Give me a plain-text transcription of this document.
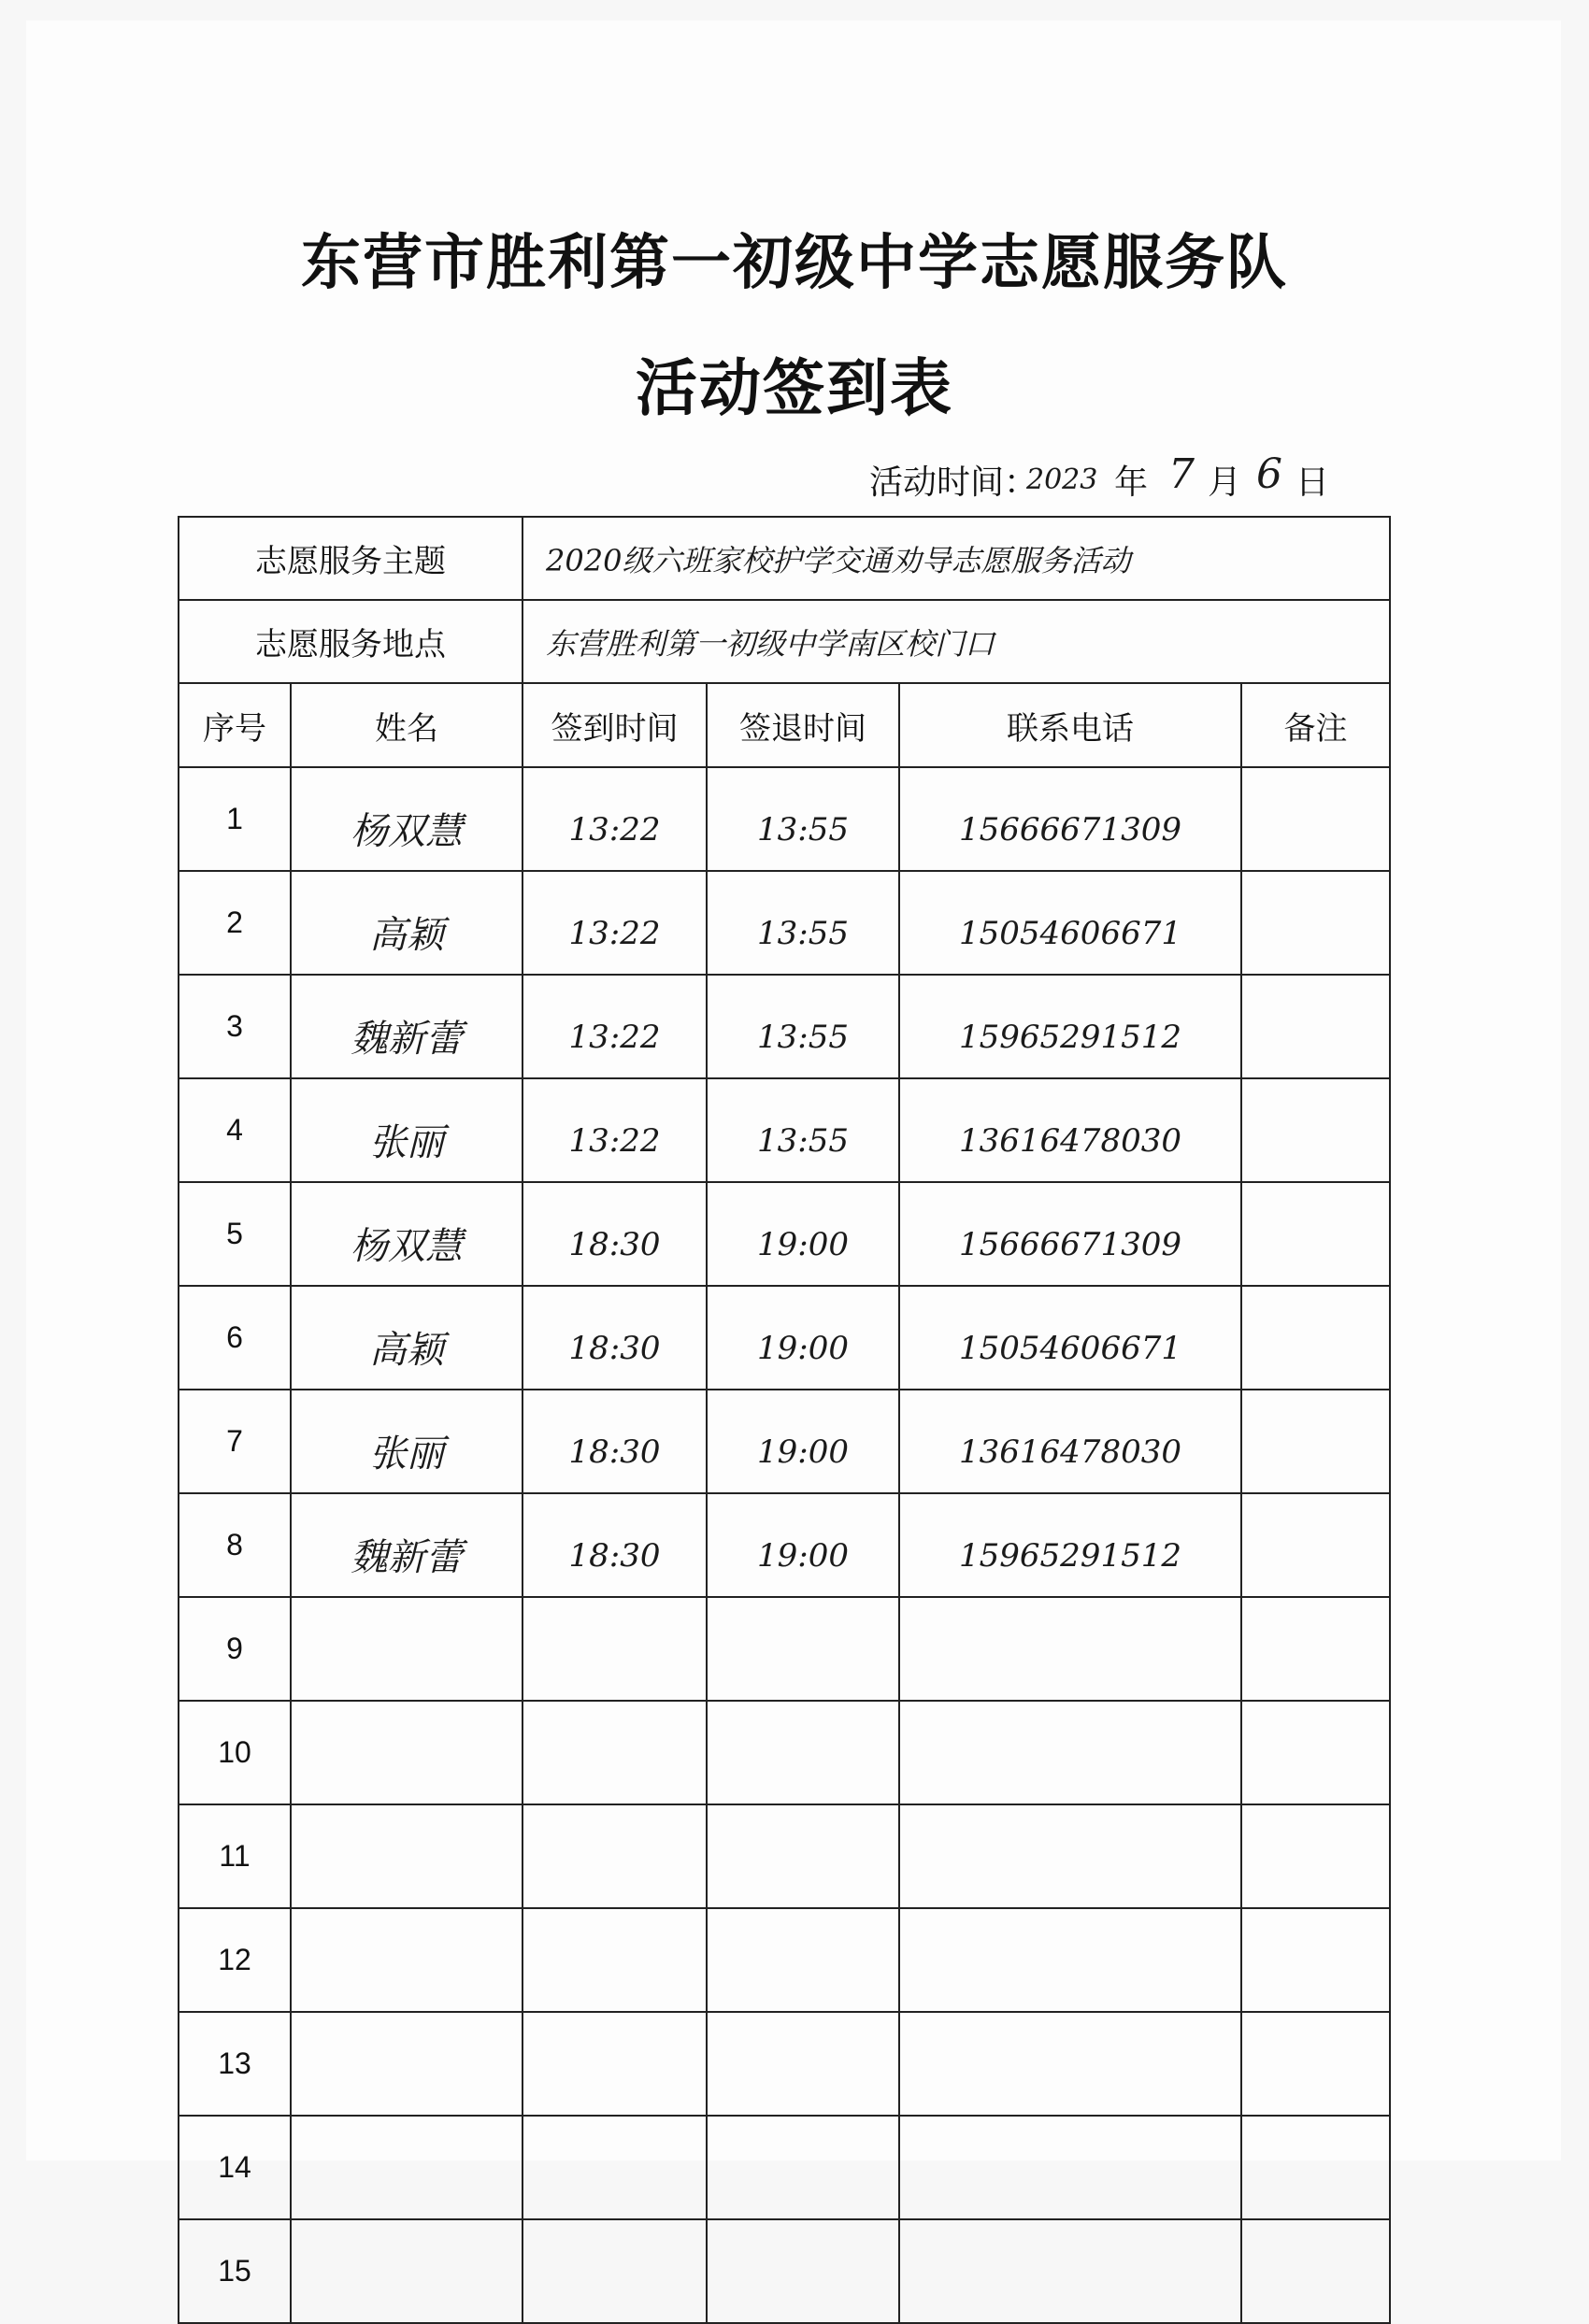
东营市胜利第一初级中学志愿服务队
活动签到表
活动时间：
2023 年 7 月 6 日
志愿服务主题		2020级六班家校护学交通劝导志愿服务活动			
志愿服务地点		东营胜利第一初级中学南区校门口			
序号	姓名	签到时间	签退时间	联系电话	备注
1	杨双慧	13:22	13:55	15666671309	
2	高颖	13:22	13:55	15054606671	
3	魏新蕾	13:22	13:55	15965291512	
4	张丽	13:22	13:55	13616478030	
5	杨双慧	18:30	19:00	15666671309	
6	高颖	18:30	19:00	15054606671	
7	张丽	18:30	19:00	13616478030	
8	魏新蕾	18:30	19:00	15965291512	
9					
10					
11					
12					
13					
14					
15					
